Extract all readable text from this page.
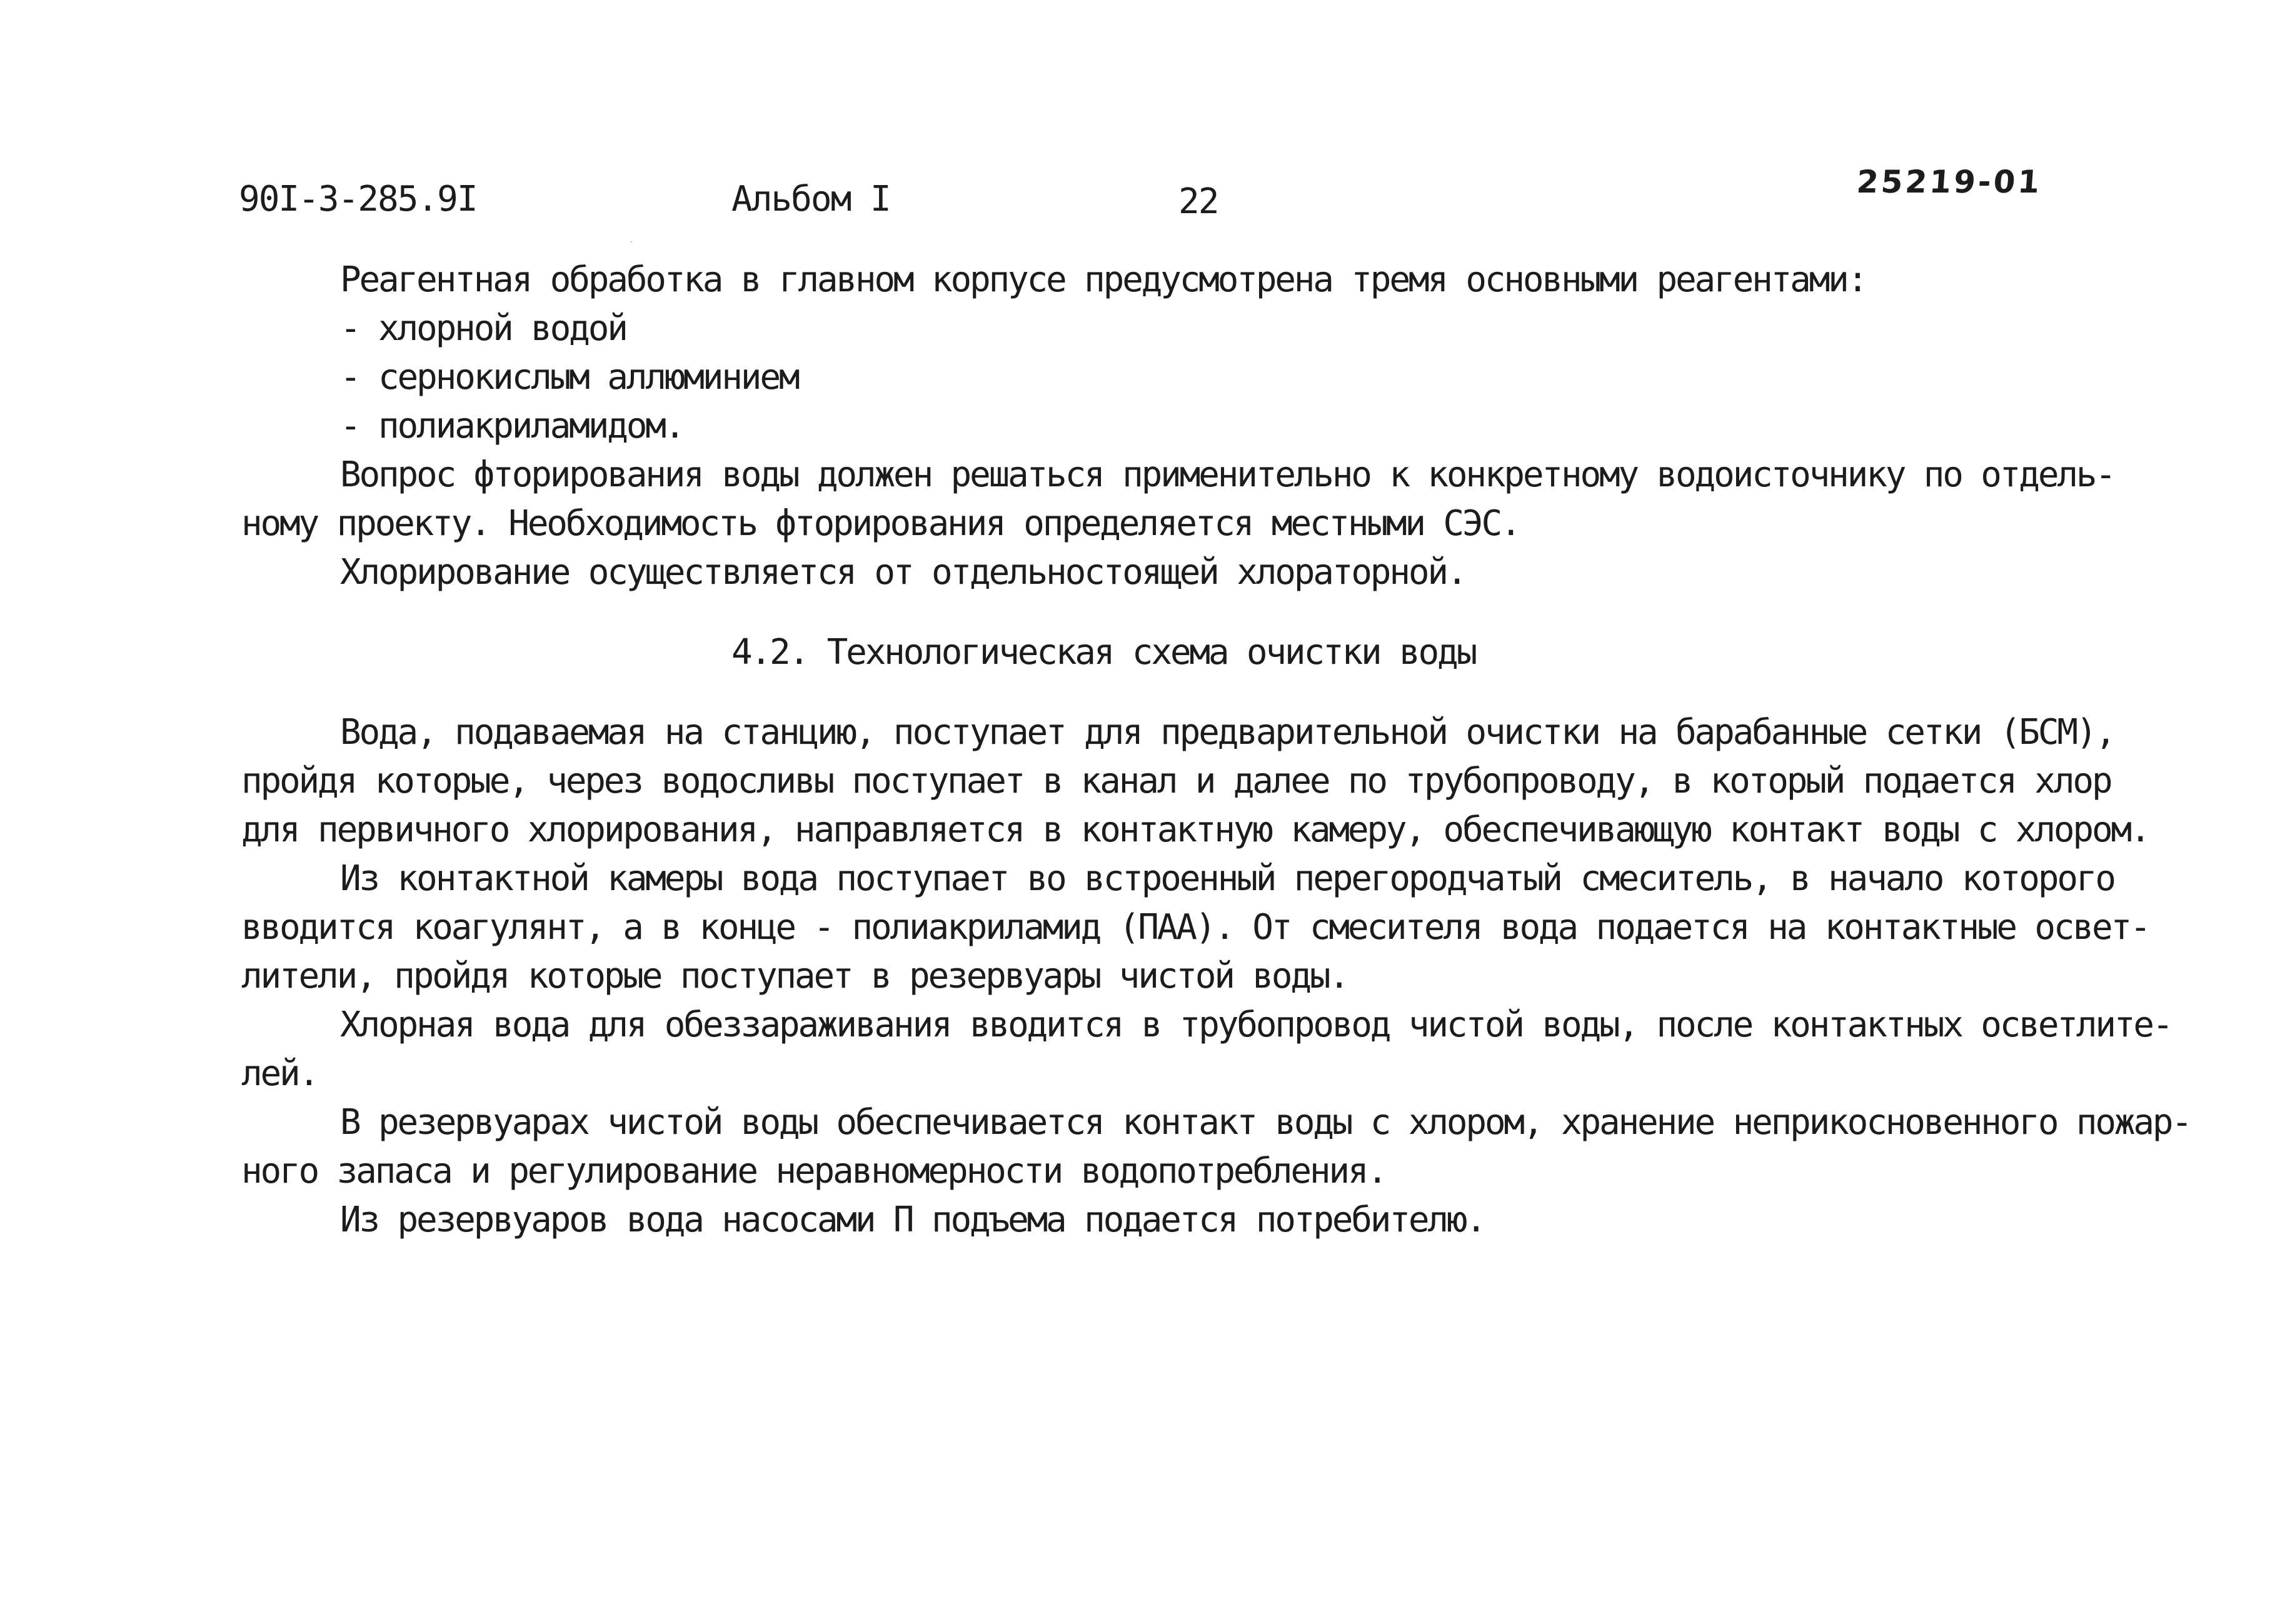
90I-3-285.9I	Альбом I	22	25219-01
Реагентная обработка в главном корпусе предусмотрена тремя основными реагентами:
- хлорной водой
- сернокислым аллюминием
- полиакриламидом.
Вопрос фторирования воды должен решаться применительно к конкретному водоисточнику по отдель-
ному проекту. Необходимость фторирования определяется местными СЭС.
Хлорирование осуществляется от отдельностоящей хлораторной.
4.2. Технологическая схема очистки воды
Вода, подаваемая на станцию, поступает для предварительной очистки на барабанные сетки (БСМ),
пройдя которые, через водосливы поступает в канал и далее по трубопроводу, в который подается хлор
для первичного хлорирования, направляется в контактную камеру, обеспечивающую контакт воды с хлором.
Из контактной камеры вода поступает во встроенный перегородчатый смеситель, в начало которого
вводится коагулянт, а в конце - полиакриламид (ПАА). От смесителя вода подается на контактные освет-
лители, пройдя которые поступает в резервуары чистой воды.
Хлорная вода для обеззараживания вводится в трубопровод чистой воды, после контактных осветлите-
лей.
В резервуарах чистой воды обеспечивается контакт воды с хлором, хранение неприкосновенного пожар-
ного запаса и регулирование неравномерности водопотребления.
Из резервуаров вода насосами П подъема подается потребителю.
